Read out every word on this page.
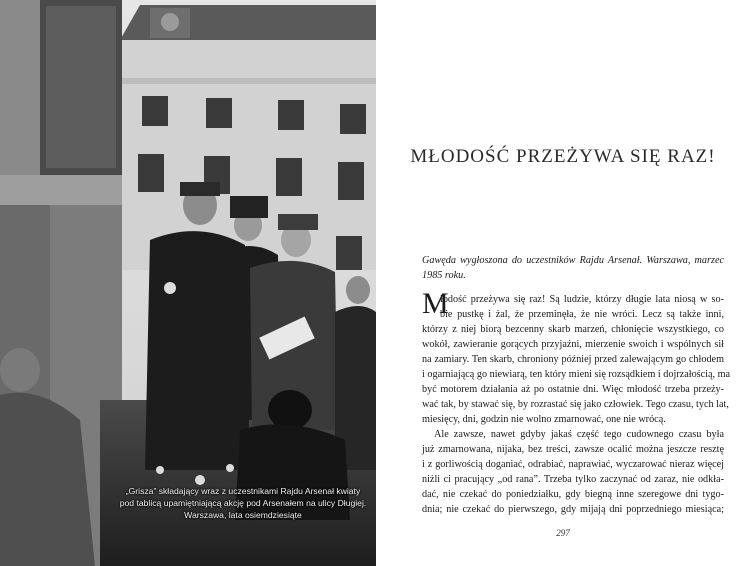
„Grisza” składający wraz z uczestnikami Rajdu Arsenał kwiaty pod tablicą upamiętniającą akcję pod Arsenałem na ulicy Długiej. Warszawa, lata osiemdziesiąte
MŁODOŚĆ PRZEŻYWA SIĘ RAZ!
Gawęda wygłoszona do uczestników Rajdu Arsenał. Warszawa, marzec 1985 roku.
M
łodość przeżywa się raz! Są ludzie, którzy długie lata niosą w so-
bie pustkę i żal, że przeminęła, że nie wróci. Lecz są także inni,
którzy z niej biorą bezcenny skarb marzeń, chłonięcie wszystkiego, co
wokół, zawieranie gorących przyjaźni, mierzenie swoich i wspólnych sił
na zamiary. Ten skarb, chroniony później przed zalewającym go chłodem
i ogarniającą go niewiarą, ten który mieni się rozsądkiem i dojrzałością, ma
być motorem działania aż po ostatnie dni. Więc młodość trzeba przeży-
wać tak, by stawać się, by rozrastać się jako człowiek. Tego czasu, tych lat,
miesięcy, dni, godzin nie wolno zmarnować, one nie wrócą.
Ale zawsze, nawet gdyby jakaś część tego cudownego czasu była
już zmarnowana, nijaka, bez treści, zawsze ocalić można jeszcze resztę
i z gorliwością doganiać, odrabiać, naprawiać, wyczarować nieraz więcej
niżli ci pracujący „od rana”. Trzeba tylko zaczynać od zaraz, nie odkła-
dać, nie czekać do poniedziałku, gdy biegną inne szeregowe dni tygo-
dnia; nie czekać do pierwszego, gdy mijają dni poprzedniego miesiąca;
297
